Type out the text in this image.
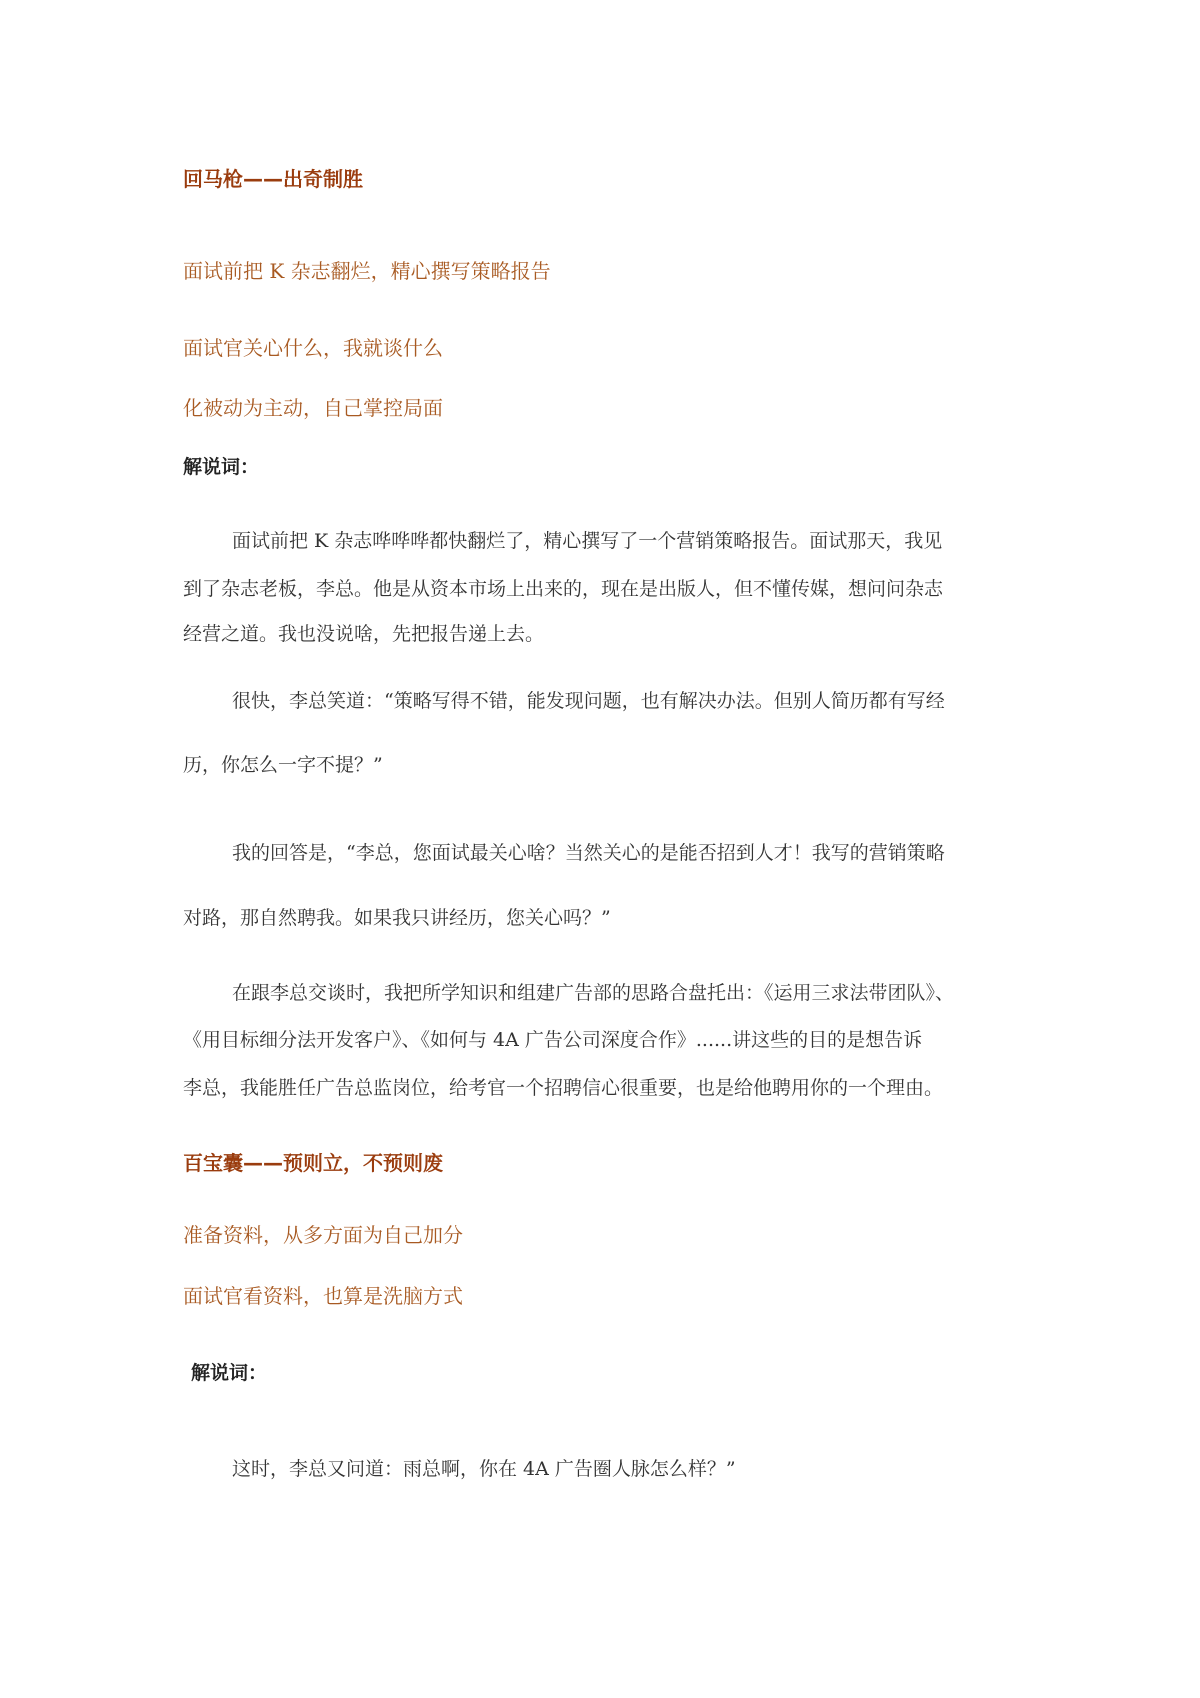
回马枪——出奇制胜
面试前把 K 杂志翻烂，精心撰写策略报告
面试官关心什么，我就谈什么
化被动为主动，自己掌控局面
解说词：
面试前把 K 杂志哗哗哗都快翻烂了，精心撰写了一个营销策略报告。面试那天，我见
到了杂志老板，李总。他是从资本市场上出来的，现在是出版人，但不懂传媒，想问问杂志
经营之道。我也没说啥，先把报告递上去。
很快，李总笑道：“策略写得不错，能发现问题，也有解决办法。但别人简历都有写经
历，你怎么一字不提？”
我的回答是，“李总，您面试最关心啥？当然关心的是能否招到人才！我写的营销策略
对路，那自然聘我。如果我只讲经历，您关心吗？”
在跟李总交谈时，我把所学知识和组建广告部的思路合盘托出：《运用三求法带团队》、
《用目标细分法开发客户》、《如何与 4A 广告公司深度合作》......讲这些的目的是想告诉
李总，我能胜任广告总监岗位，给考官一个招聘信心很重要，也是给他聘用你的一个理由。
百宝囊——预则立，不预则废
准备资料，从多方面为自己加分
面试官看资料，也算是洗脑方式
解说词：
这时，李总又问道：雨总啊，你在 4A 广告圈人脉怎么样？”
